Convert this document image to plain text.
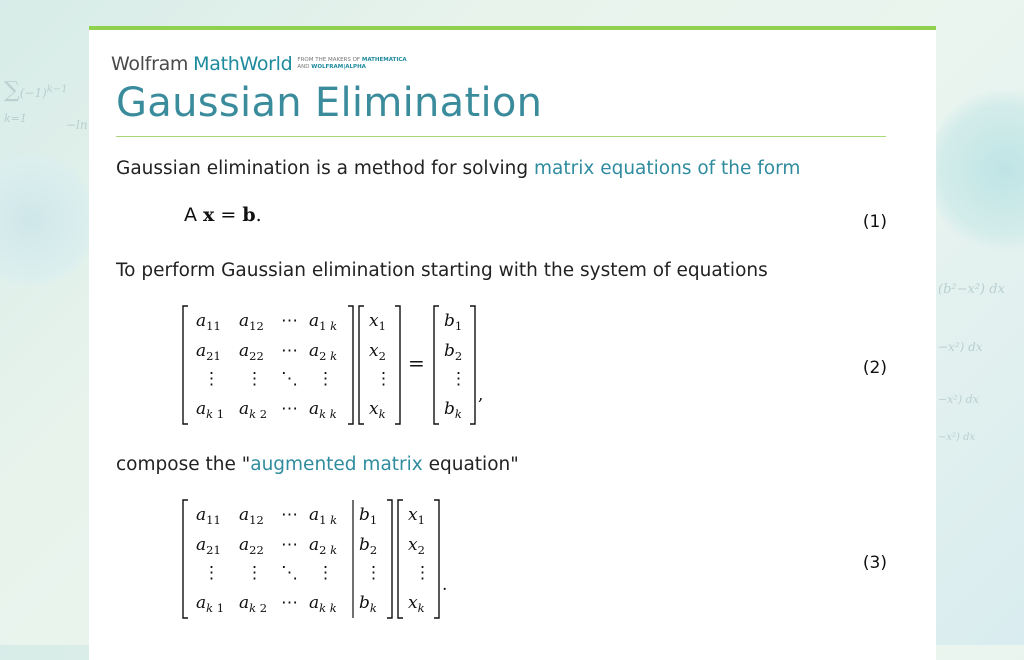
$\sum(-1)^{k-1}$
k=1	−ln
(b²−x²) dx
−x²) dx
−x²) dx
−x²) dx
Wolfram MathWorld FROM THE MAKERS OF MATHEMATICA
AND WOLFRAM|ALPHA
Gaussian Elimination
Gaussian elimination is a method for solving matrix equations of the form
A x = b.	(1)
To perform Gaussian elimination starting with the system of equations
$a_{11}$ $a_{12}$ ⋯ $a_1$ k
$a_{21}$ $a_{22}$ ⋯ $a_2$ k
⋮ ⋮ ⋱ ⋮
$a_k$ 1 $a_k$ 2 ⋯ $a_{k k}$
$x_1$
$x_2$
⋮
$x_k$
=
$b_1$
$b_2$
⋮
$b_k$
,
(2)
compose the "augmented matrix equation"
$a_{11}$ $a_{12}$ ⋯ $a_1$ k $b_1$
$a_{21}$ $a_{22}$ ⋯ $a_2$ k $b_2$
⋮ ⋮ ⋱ ⋮ ⋮
$a_k$ 1 $a_k$ 2 ⋯ $a_{k k}$ $b_k$
$x_1$
$x_2$
⋮
$x_k$
.
(3)
